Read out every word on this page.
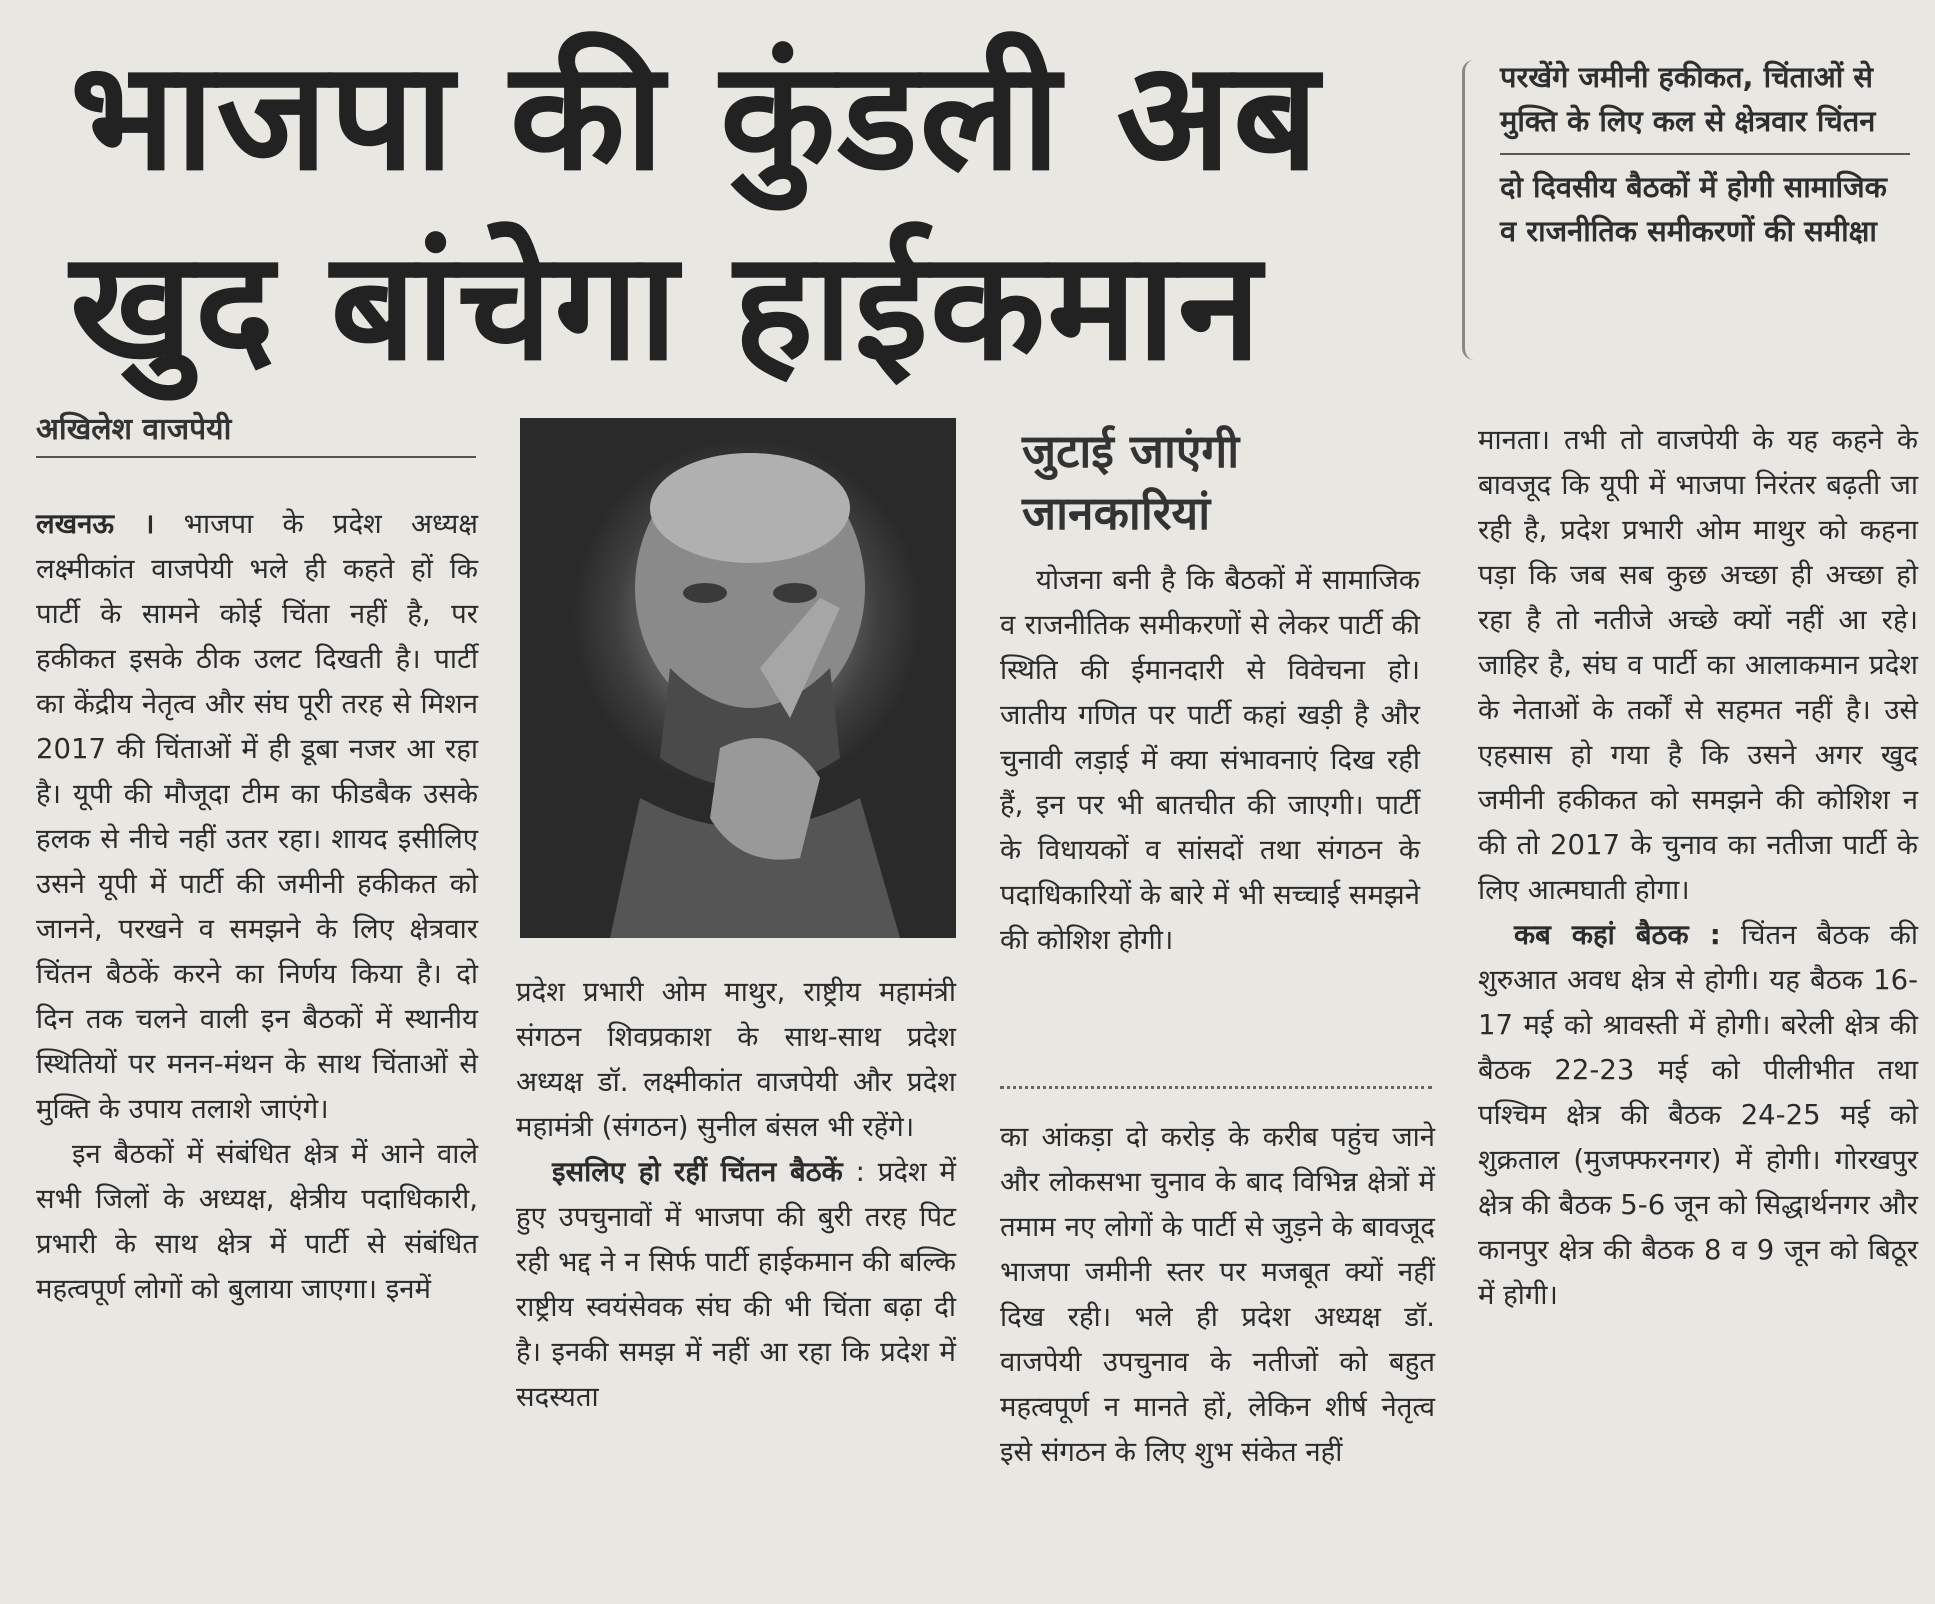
भाजपा की कुंडली अब
खुद बांचेगा हाईकमान

परखेंगे जमीनी हकीकत, चिंताओं से मुक्ति के लिए कल से क्षेत्रवार चिंतन

दो दिवसीय बैठकों में होगी सामाजिक व राजनीतिक समीकरणों की समीक्षा

अखिलेश वाजपेयी

लखनऊ । भाजपा के प्रदेश अध्यक्ष लक्ष्मीकांत वाजपेयी भले ही कहते हों कि पार्टी के सामने कोई चिंता नहीं है, पर हकीकत इसके ठीक उलट दिखती है। पार्टी का केंद्रीय नेतृत्व और संघ पूरी तरह से मिशन 2017 की चिंताओं में ही डूबा नजर आ रहा है। यूपी की मौजूदा टीम का फीडबैक उसके हलक से नीचे नहीं उतर रहा। शायद इसीलिए उसने यूपी में पार्टी की जमीनी हकीकत को जानने, परखने व समझने के लिए क्षेत्रवार चिंतन बैठकें करने का निर्णय किया है। दो दिन तक चलने वाली इन बैठकों में स्थानीय स्थितियों पर मनन-मंथन के साथ चिंताओं से मुक्ति के उपाय तलाशे जाएंगे।

इन बैठकों में संबंधित क्षेत्र में आने वाले सभी जिलों के अध्यक्ष, क्षेत्रीय पदाधिकारी, प्रभारी के साथ क्षेत्र में पार्टी से संबंधित महत्वपूर्ण लोगों को बुलाया जाएगा। इनमें

प्रदेश प्रभारी ओम माथुर, राष्ट्रीय महामंत्री संगठन शिवप्रकाश के साथ-साथ प्रदेश अध्यक्ष डॉ. लक्ष्मीकांत वाजपेयी और प्रदेश महामंत्री (संगठन) सुनील बंसल भी रहेंगे।

इसलिए हो रहीं चिंतन बैठकें : प्रदेश में हुए उपचुनावों में भाजपा की बुरी तरह पिट रही भद्द ने न सिर्फ पार्टी हाईकमान की बल्कि राष्ट्रीय स्वयंसेवक संघ की भी चिंता बढ़ा दी है। इनकी समझ में नहीं आ रहा कि प्रदेश में सदस्यता

जुटाई जाएंगी जानकारियां

योजना बनी है कि बैठकों में सामाजिक व राजनीतिक समीकरणों से लेकर पार्टी की स्थिति की ईमानदारी से विवेचना हो। जातीय गणित पर पार्टी कहां खड़ी है और चुनावी लड़ाई में क्या संभावनाएं दिख रही हैं, इन पर भी बातचीत की जाएगी। पार्टी के विधायकों व सांसदों तथा संगठन के पदाधिकारियों के बारे में भी सच्चाई समझने की कोशिश होगी।

का आंकड़ा दो करोड़ के करीब पहुंच जाने और लोकसभा चुनाव के बाद विभिन्न क्षेत्रों में तमाम नए लोगों के पार्टी से जुड़ने के बावजूद भाजपा जमीनी स्तर पर मजबूत क्यों नहीं दिख रही। भले ही प्रदेश अध्यक्ष डॉ. वाजपेयी उपचुनाव के नतीजों को बहुत महत्वपूर्ण न मानते हों, लेकिन शीर्ष नेतृत्व इसे संगठन के लिए शुभ संकेत नहीं

मानता। तभी तो वाजपेयी के यह कहने के बावजूद कि यूपी में भाजपा निरंतर बढ़ती जा रही है, प्रदेश प्रभारी ओम माथुर को कहना पड़ा कि जब सब कुछ अच्छा ही अच्छा हो रहा है तो नतीजे अच्छे क्यों नहीं आ रहे। जाहिर है, संघ व पार्टी का आलाकमान प्रदेश के नेताओं के तर्कों से सहमत नहीं है। उसे एहसास हो गया है कि उसने अगर खुद जमीनी हकीकत को समझने की कोशिश न की तो 2017 के चुनाव का नतीजा पार्टी के लिए आत्मघाती होगा।

कब कहां बैठक : चिंतन बैठक की शुरुआत अवध क्षेत्र से होगी। यह बैठक 16-17 मई को श्रावस्ती में होगी। बरेली क्षेत्र की बैठक 22-23 मई को पीलीभीत तथा पश्चिम क्षेत्र की बैठक 24-25 मई को शुक्रताल (मुजफ्फरनगर) में होगी। गोरखपुर क्षेत्र की बैठक 5-6 जून को सिद्धार्थनगर और कानपुर क्षेत्र की बैठक 8 व 9 जून को बिठूर में होगी।
